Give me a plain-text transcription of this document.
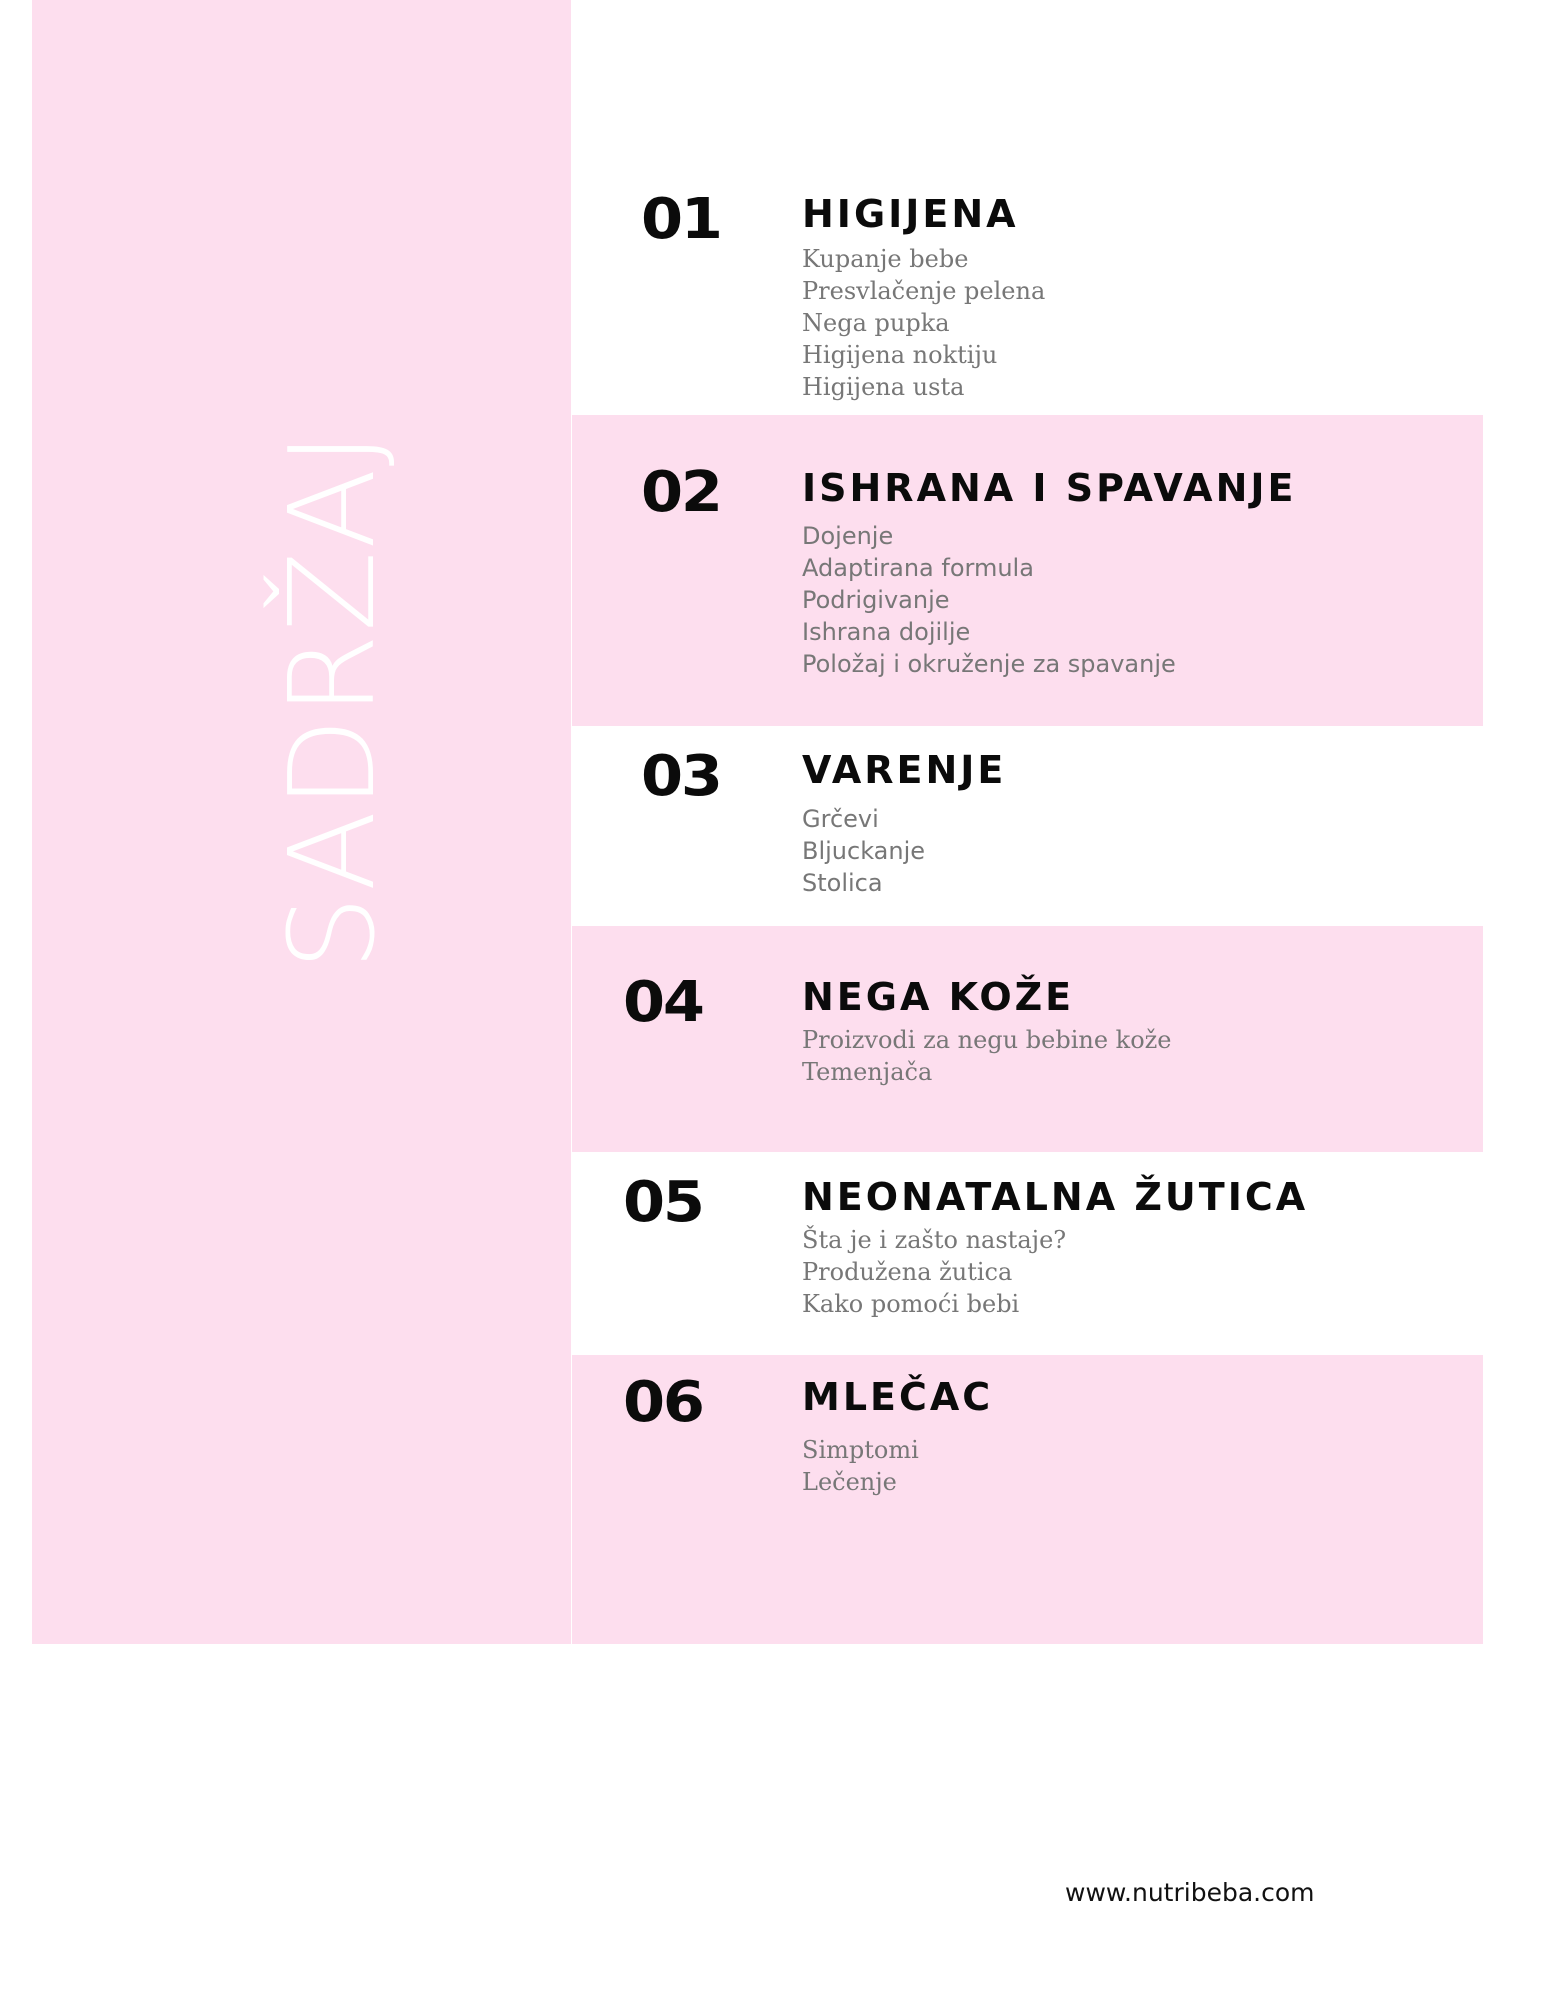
SADRŽAJ
01 HIGIJENA
Kupanje bebe
Presvlačenje pelena
Nega pupka
Higijena noktiju
Higijena usta
02 ISHRANA I SPAVANJE
Dojenje
Adaptirana formula
Podrigivanje
Ishrana dojilje
Položaj i okruženje za spavanje
03 VARENJE
Grčevi
Bljuckanje
Stolica
04	NEGA KOŽE
Proizvodi za negu bebine kože
Temenjača
05	NEONATALNA ŽUTICA
Šta je i zašto nastaje?
Produžena žutica
Kako pomoći bebi
06	MLEČAC
Simptomi
Lečenje
www.nutribeba.com
